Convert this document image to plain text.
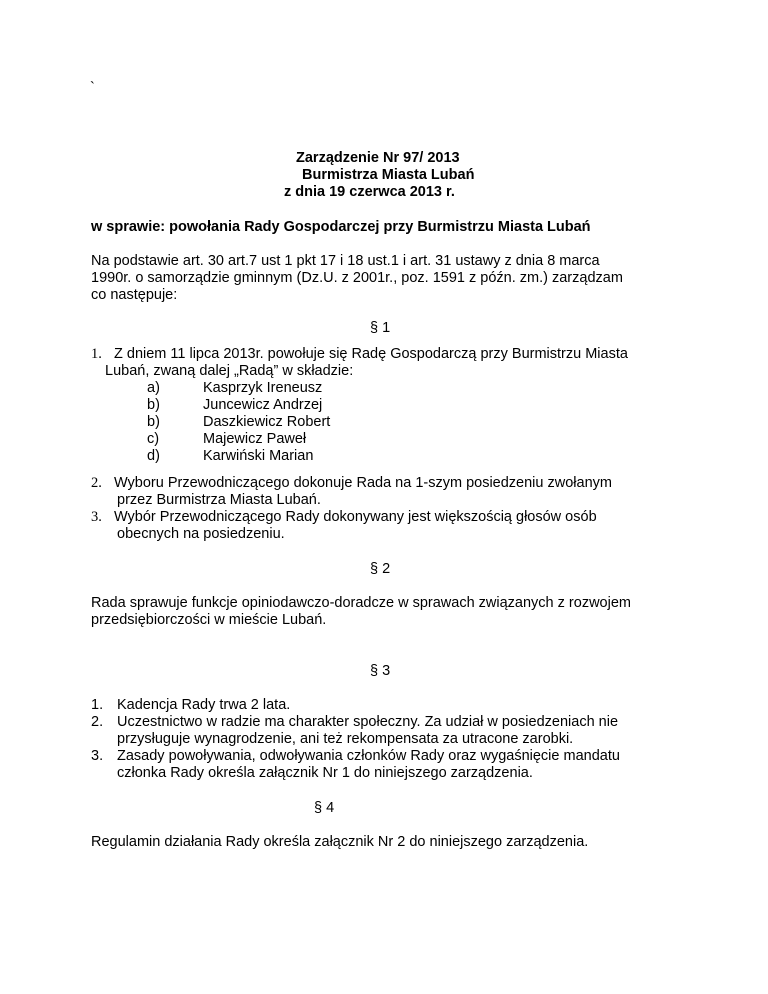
`
Zarządzenie Nr 97/ 2013
Burmistrza Miasta Lubań
z dnia 19 czerwca 2013 r.
w sprawie: powołania Rady Gospodarczej przy Burmistrzu Miasta Lubań
Na podstawie art. 30 art.7 ust 1 pkt 17 i 18 ust.1 i art. 31 ustawy z dnia 8 marca
1990r. o samorządzie gminnym (Dz.U. z 2001r., poz. 1591 z późn. zm.) zarządzam
co następuje:
§ 1
1. Z dniem 11 lipca 2013r. powołuje się Radę Gospodarczą przy Burmistrzu Miasta
Lubań, zwaną dalej „Radą” w składzie:
a)	Kasprzyk Ireneusz
b)	Juncewicz Andrzej
b)	Daszkiewicz Robert
c)	Majewicz Paweł
d)	Karwiński Marian
2. Wyboru Przewodniczącego dokonuje Rada na 1-szym posiedzeniu zwołanym
przez Burmistrza Miasta Lubań.
3. Wybór Przewodniczącego Rady dokonywany jest większością głosów osób
obecnych na posiedzeniu.
§ 2
Rada sprawuje funkcje opiniodawczo-doradcze w sprawach związanych z rozwojem
przedsiębiorczości w mieście Lubań.
§ 3
1. Kadencja Rady trwa 2 lata.
2. Uczestnictwo w radzie ma charakter społeczny. Za udział w posiedzeniach nie
przysługuje wynagrodzenie, ani też rekompensata za utracone zarobki.
3. Zasady powoływania, odwoływania członków Rady oraz wygaśnięcie mandatu
członka Rady określa załącznik Nr 1 do niniejszego zarządzenia.
§ 4
Regulamin działania Rady określa załącznik Nr 2 do niniejszego zarządzenia.
